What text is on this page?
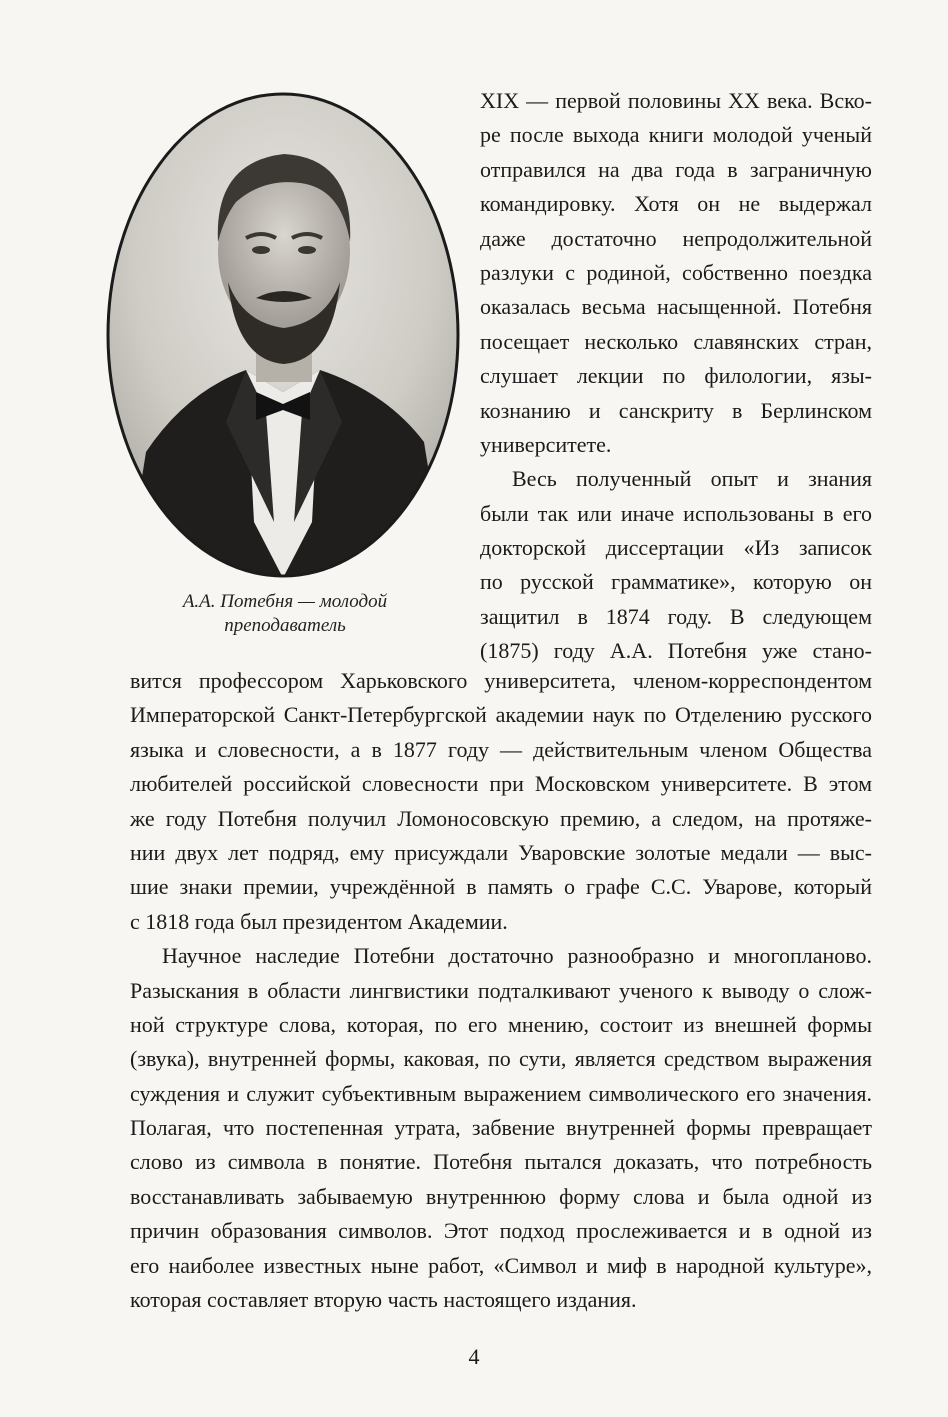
А.А. Потебня — молодой
преподаватель
XIX — первой половины XX века. Вско-
ре после выхода книги молодой ученый
отправился на два года в заграничную
командировку. Хотя он не выдержал
даже достаточно непродолжительной
разлуки с родиной, собственно поездка
оказалась весьма насыщенной. Потебня
посещает несколько славянских стран,
слушает лекции по филологии, язы-
кознанию и санскриту в Берлинском
университете.
Весь полученный опыт и знания
были так или иначе использованы в его
докторской диссертации «Из записок
по русской грамматике», которую он
защитил в 1874 году. В следующем
(1875) году А.А. Потебня уже стано-
вится профессором Харьковского университета, членом-корреспондентом
Императорской Санкт-Петербургской академии наук по Отделению русского
языка и словесности, а в 1877 году — действительным членом Общества
любителей российской словесности при Московском университете. В этом
же году Потебня получил Ломоносовскую премию, а следом, на протяже-
нии двух лет подряд, ему присуждали Уваровские золотые медали — выс-
шие знаки премии, учреждённой в память о графе С.С. Уварове, который
с 1818 года был президентом Академии.
Научное наследие Потебни достаточно разнообразно и многопланово.
Разыскания в области лингвистики подталкивают ученого к выводу о слож-
ной структуре слова, которая, по его мнению, состоит из внешней формы
(звука), внутренней формы, каковая, по сути, является средством выражения
суждения и служит субъективным выражением символического его значения.
Полагая, что постепенная утрата, забвение внутренней формы превращает
слово из символа в понятие. Потебня пытался доказать, что потребность
восстанавливать забываемую внутреннюю форму слова и была одной из
причин образования символов. Этот подход прослеживается и в одной из
его наиболее известных ныне работ, «Символ и миф в народной культуре»,
которая составляет вторую часть настоящего издания.
4
